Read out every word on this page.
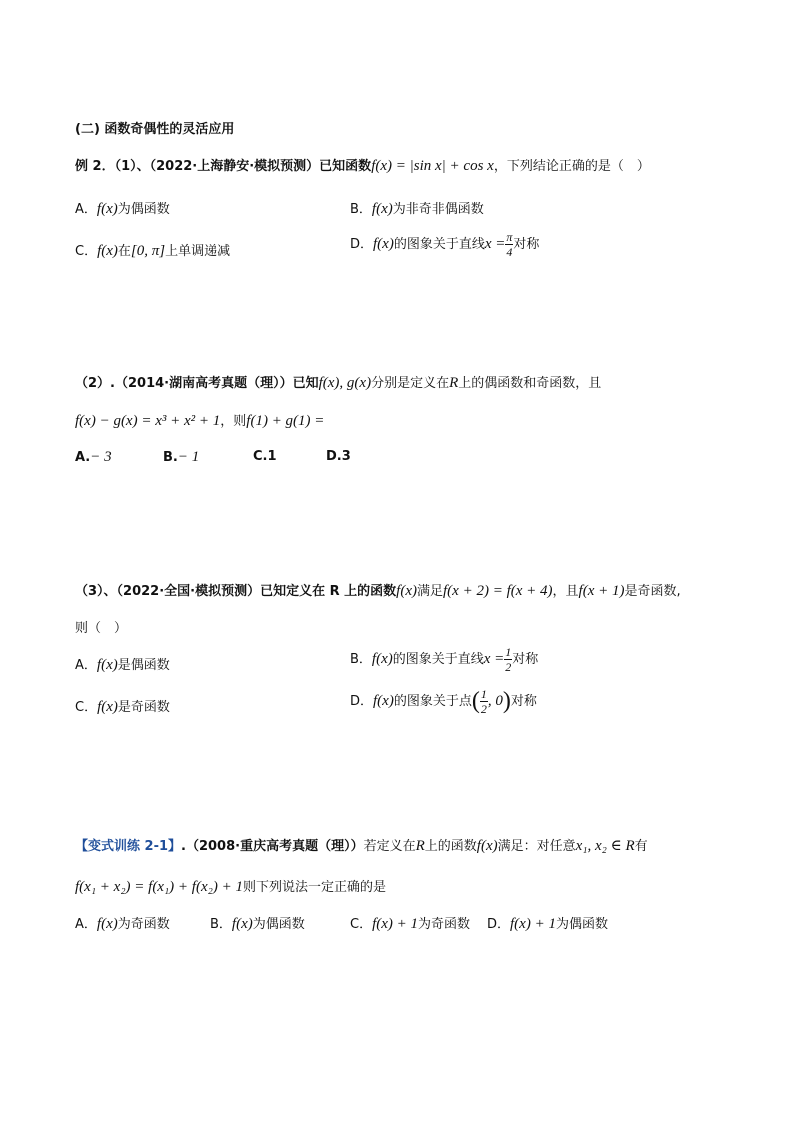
(二) 函数奇偶性的灵活应用
例 2．（1）、（2022·上海静安·模拟预测）已知函数f(x) = |sin x| + cos x，下列结论正确的是（　）
A．f(x)为偶函数	B．f(x)为非奇非偶函数
C．f(x)在[0, π]上单调递减	D．f(x)的图象关于直线$x = \frac{\pi}{4}$ 对称
（2）.（2014·湖南高考真题（理））已知f(x), g(x)分别是定义在R上的偶函数和奇函数，且
f(x) − g(x) = x³ + x² + 1，则f(1) + g(1) =
A.− 3	B.− 1	C.1	D.3
（3）、（2022·全国·模拟预测）已知定义在 R 上的函数f(x)满足f(x + 2) = f(x + 4)，且f(x + 1)是奇函数,
则（　）
A．f(x)是偶函数	B．f(x)的图象关于直线$x = \frac{1}{2}$ 对称
C．f(x)是奇函数	D．f(x)的图象关于点( $\frac{1}{2}$ , 0)对称
【变式训练 2-1】.（2008·重庆高考真题（理））若定义在R上的函数f(x)满足：对任意x₁, x₂ ∈ R有
f(x₁ + x₂) = f(x₁) + f(x₂) + 1则下列说法一定正确的是
A．f(x)为奇函数	B．f(x)为偶函数	C．f(x) + 1为奇函数 D．f(x) + 1为偶函数
